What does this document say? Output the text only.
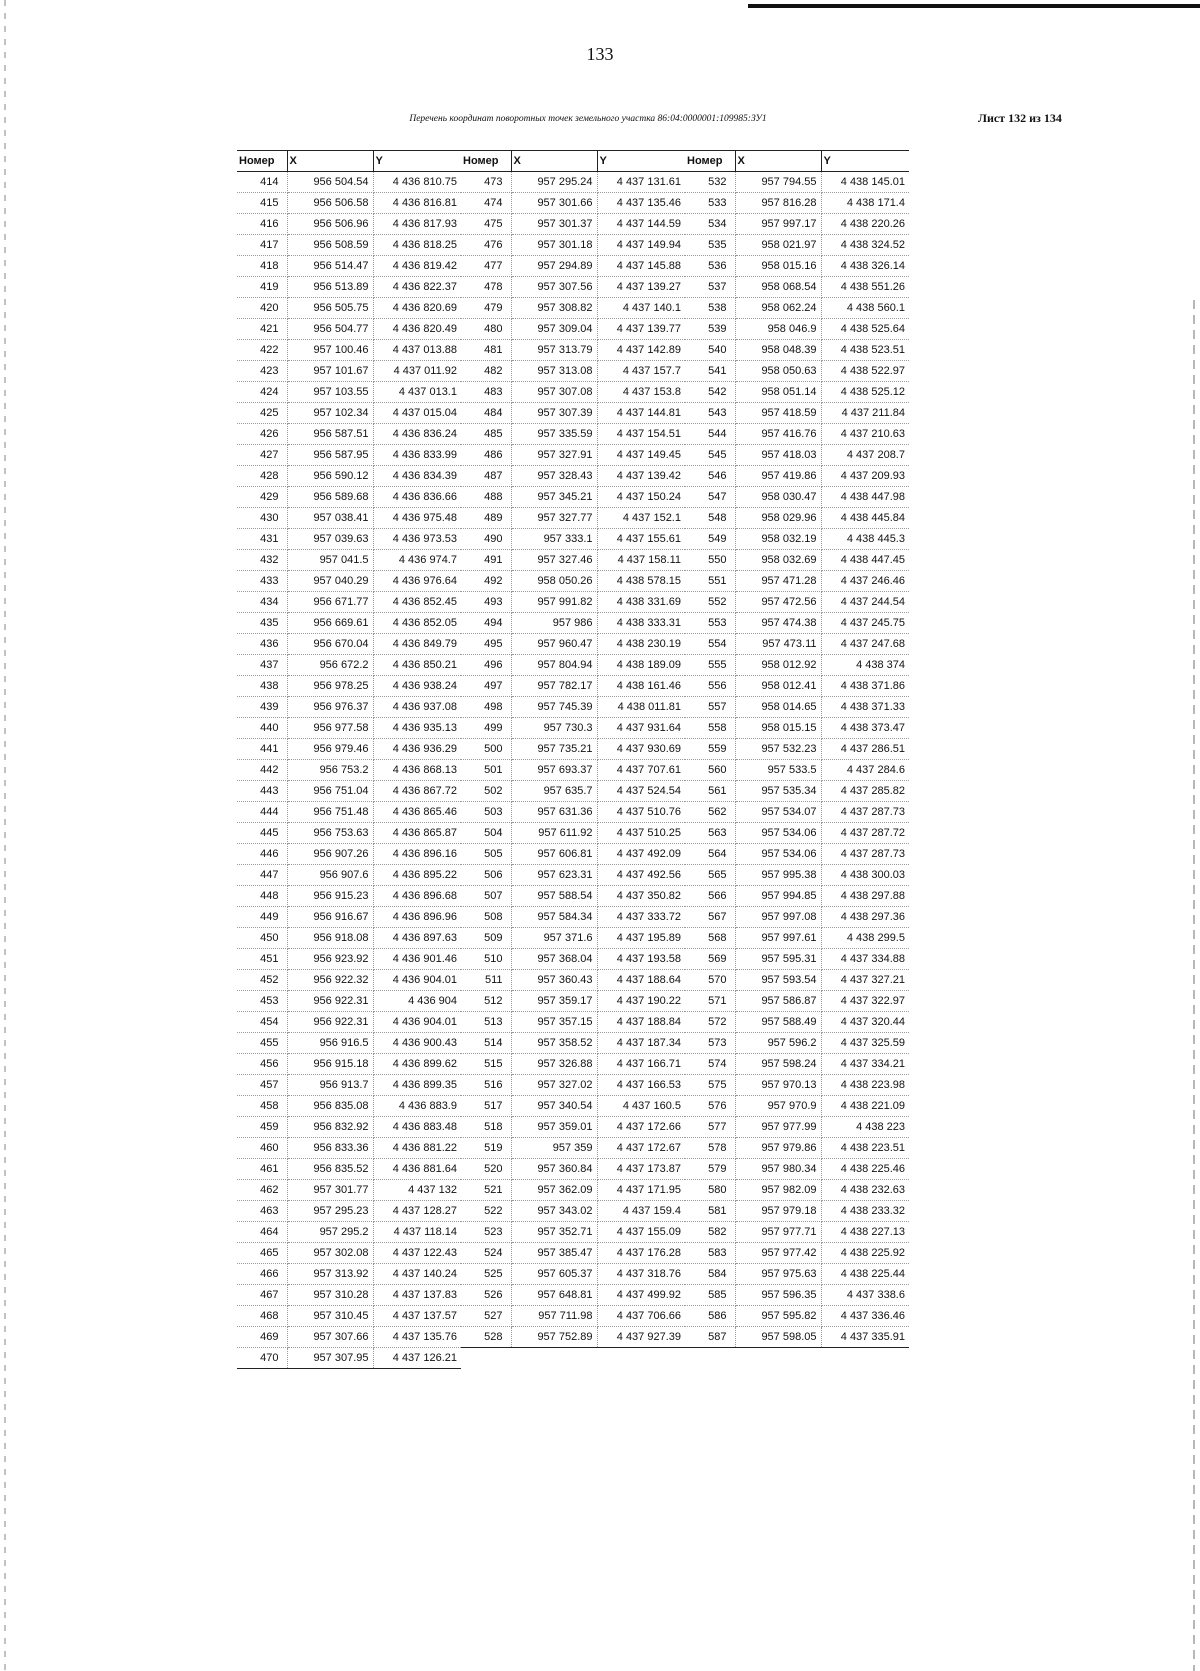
133
Перечень координат поворотных точек земельного участка 86:04:0000001:109985:ЗУ1	Лист 132 из 134
Номер	X	Y
414	956 504.54	4 436 810.75
415	956 506.58	4 436 816.81
416	956 506.96	4 436 817.93
417	956 508.59	4 436 818.25
418	956 514.47	4 436 819.42
419	956 513.89	4 436 822.37
420	956 505.75	4 436 820.69
421	956 504.77	4 436 820.49
422	957 100.46	4 437 013.88
423	957 101.67	4 437 011.92
424	957 103.55	4 437 013.1
425	957 102.34	4 437 015.04
426	956 587.51	4 436 836.24
427	956 587.95	4 436 833.99
428	956 590.12	4 436 834.39
429	956 589.68	4 436 836.66
430	957 038.41	4 436 975.48
431	957 039.63	4 436 973.53
432	957 041.5	4 436 974.7
433	957 040.29	4 436 976.64
434	956 671.77	4 436 852.45
435	956 669.61	4 436 852.05
436	956 670.04	4 436 849.79
437	956 672.2	4 436 850.21
438	956 978.25	4 436 938.24
439	956 976.37	4 436 937.08
440	956 977.58	4 436 935.13
441	956 979.46	4 436 936.29
442	956 753.2	4 436 868.13
443	956 751.04	4 436 867.72
444	956 751.48	4 436 865.46
445	956 753.63	4 436 865.87
446	956 907.26	4 436 896.16
447	956 907.6	4 436 895.22
448	956 915.23	4 436 896.68
449	956 916.67	4 436 896.96
450	956 918.08	4 436 897.63
451	956 923.92	4 436 901.46
452	956 922.32	4 436 904.01
453	956 922.31	4 436 904
454	956 922.31	4 436 904.01
455	956 916.5	4 436 900.43
456	956 915.18	4 436 899.62
457	956 913.7	4 436 899.35
458	956 835.08	4 436 883.9
459	956 832.92	4 436 883.48
460	956 833.36	4 436 881.22
461	956 835.52	4 436 881.64
462	957 301.77	4 437 132
463	957 295.23	4 437 128.27
464	957 295.2	4 437 118.14
465	957 302.08	4 437 122.43
466	957 313.92	4 437 140.24
467	957 310.28	4 437 137.83
468	957 310.45	4 437 137.57
469	957 307.66	4 437 135.76
470	957 307.95	4 437 126.21
Номер	X	Y
473	957 295.24	4 437 131.61
474	957 301.66	4 437 135.46
475	957 301.37	4 437 144.59
476	957 301.18	4 437 149.94
477	957 294.89	4 437 145.88
478	957 307.56	4 437 139.27
479	957 308.82	4 437 140.1
480	957 309.04	4 437 139.77
481	957 313.79	4 437 142.89
482	957 313.08	4 437 157.7
483	957 307.08	4 437 153.8
484	957 307.39	4 437 144.81
485	957 335.59	4 437 154.51
486	957 327.91	4 437 149.45
487	957 328.43	4 437 139.42
488	957 345.21	4 437 150.24
489	957 327.77	4 437 152.1
490	957 333.1	4 437 155.61
491	957 327.46	4 437 158.11
492	958 050.26	4 438 578.15
493	957 991.82	4 438 331.69
494	957 986	4 438 333.31
495	957 960.47	4 438 230.19
496	957 804.94	4 438 189.09
497	957 782.17	4 438 161.46
498	957 745.39	4 438 011.81
499	957 730.3	4 437 931.64
500	957 735.21	4 437 930.69
501	957 693.37	4 437 707.61
502	957 635.7	4 437 524.54
503	957 631.36	4 437 510.76
504	957 611.92	4 437 510.25
505	957 606.81	4 437 492.09
506	957 623.31	4 437 492.56
507	957 588.54	4 437 350.82
508	957 584.34	4 437 333.72
509	957 371.6	4 437 195.89
510	957 368.04	4 437 193.58
511	957 360.43	4 437 188.64
512	957 359.17	4 437 190.22
513	957 357.15	4 437 188.84
514	957 358.52	4 437 187.34
515	957 326.88	4 437 166.71
516	957 327.02	4 437 166.53
517	957 340.54	4 437 160.5
518	957 359.01	4 437 172.66
519	957 359	4 437 172.67
520	957 360.84	4 437 173.87
521	957 362.09	4 437 171.95
522	957 343.02	4 437 159.4
523	957 352.71	4 437 155.09
524	957 385.47	4 437 176.28
525	957 605.37	4 437 318.76
526	957 648.81	4 437 499.92
527	957 711.98	4 437 706.66
528	957 752.89	4 437 927.39
Номер	X	Y
532	957 794.55	4 438 145.01
533	957 816.28	4 438 171.4
534	957 997.17	4 438 220.26
535	958 021.97	4 438 324.52
536	958 015.16	4 438 326.14
537	958 068.54	4 438 551.26
538	958 062.24	4 438 560.1
539	958 046.9	4 438 525.64
540	958 048.39	4 438 523.51
541	958 050.63	4 438 522.97
542	958 051.14	4 438 525.12
543	957 418.59	4 437 211.84
544	957 416.76	4 437 210.63
545	957 418.03	4 437 208.7
546	957 419.86	4 437 209.93
547	958 030.47	4 438 447.98
548	958 029.96	4 438 445.84
549	958 032.19	4 438 445.3
550	958 032.69	4 438 447.45
551	957 471.28	4 437 246.46
552	957 472.56	4 437 244.54
553	957 474.38	4 437 245.75
554	957 473.11	4 437 247.68
555	958 012.92	4 438 374
556	958 012.41	4 438 371.86
557	958 014.65	4 438 371.33
558	958 015.15	4 438 373.47
559	957 532.23	4 437 286.51
560	957 533.5	4 437 284.6
561	957 535.34	4 437 285.82
562	957 534.07	4 437 287.73
563	957 534.06	4 437 287.72
564	957 534.06	4 437 287.73
565	957 995.38	4 438 300.03
566	957 994.85	4 438 297.88
567	957 997.08	4 438 297.36
568	957 997.61	4 438 299.5
569	957 595.31	4 437 334.88
570	957 593.54	4 437 327.21
571	957 586.87	4 437 322.97
572	957 588.49	4 437 320.44
573	957 596.2	4 437 325.59
574	957 598.24	4 437 334.21
575	957 970.13	4 438 223.98
576	957 970.9	4 438 221.09
577	957 977.99	4 438 223
578	957 979.86	4 438 223.51
579	957 980.34	4 438 225.46
580	957 982.09	4 438 232.63
581	957 979.18	4 438 233.32
582	957 977.71	4 438 227.13
583	957 977.42	4 438 225.92
584	957 975.63	4 438 225.44
585	957 596.35	4 437 338.6
586	957 595.82	4 437 336.46
587	957 598.05	4 437 335.91
